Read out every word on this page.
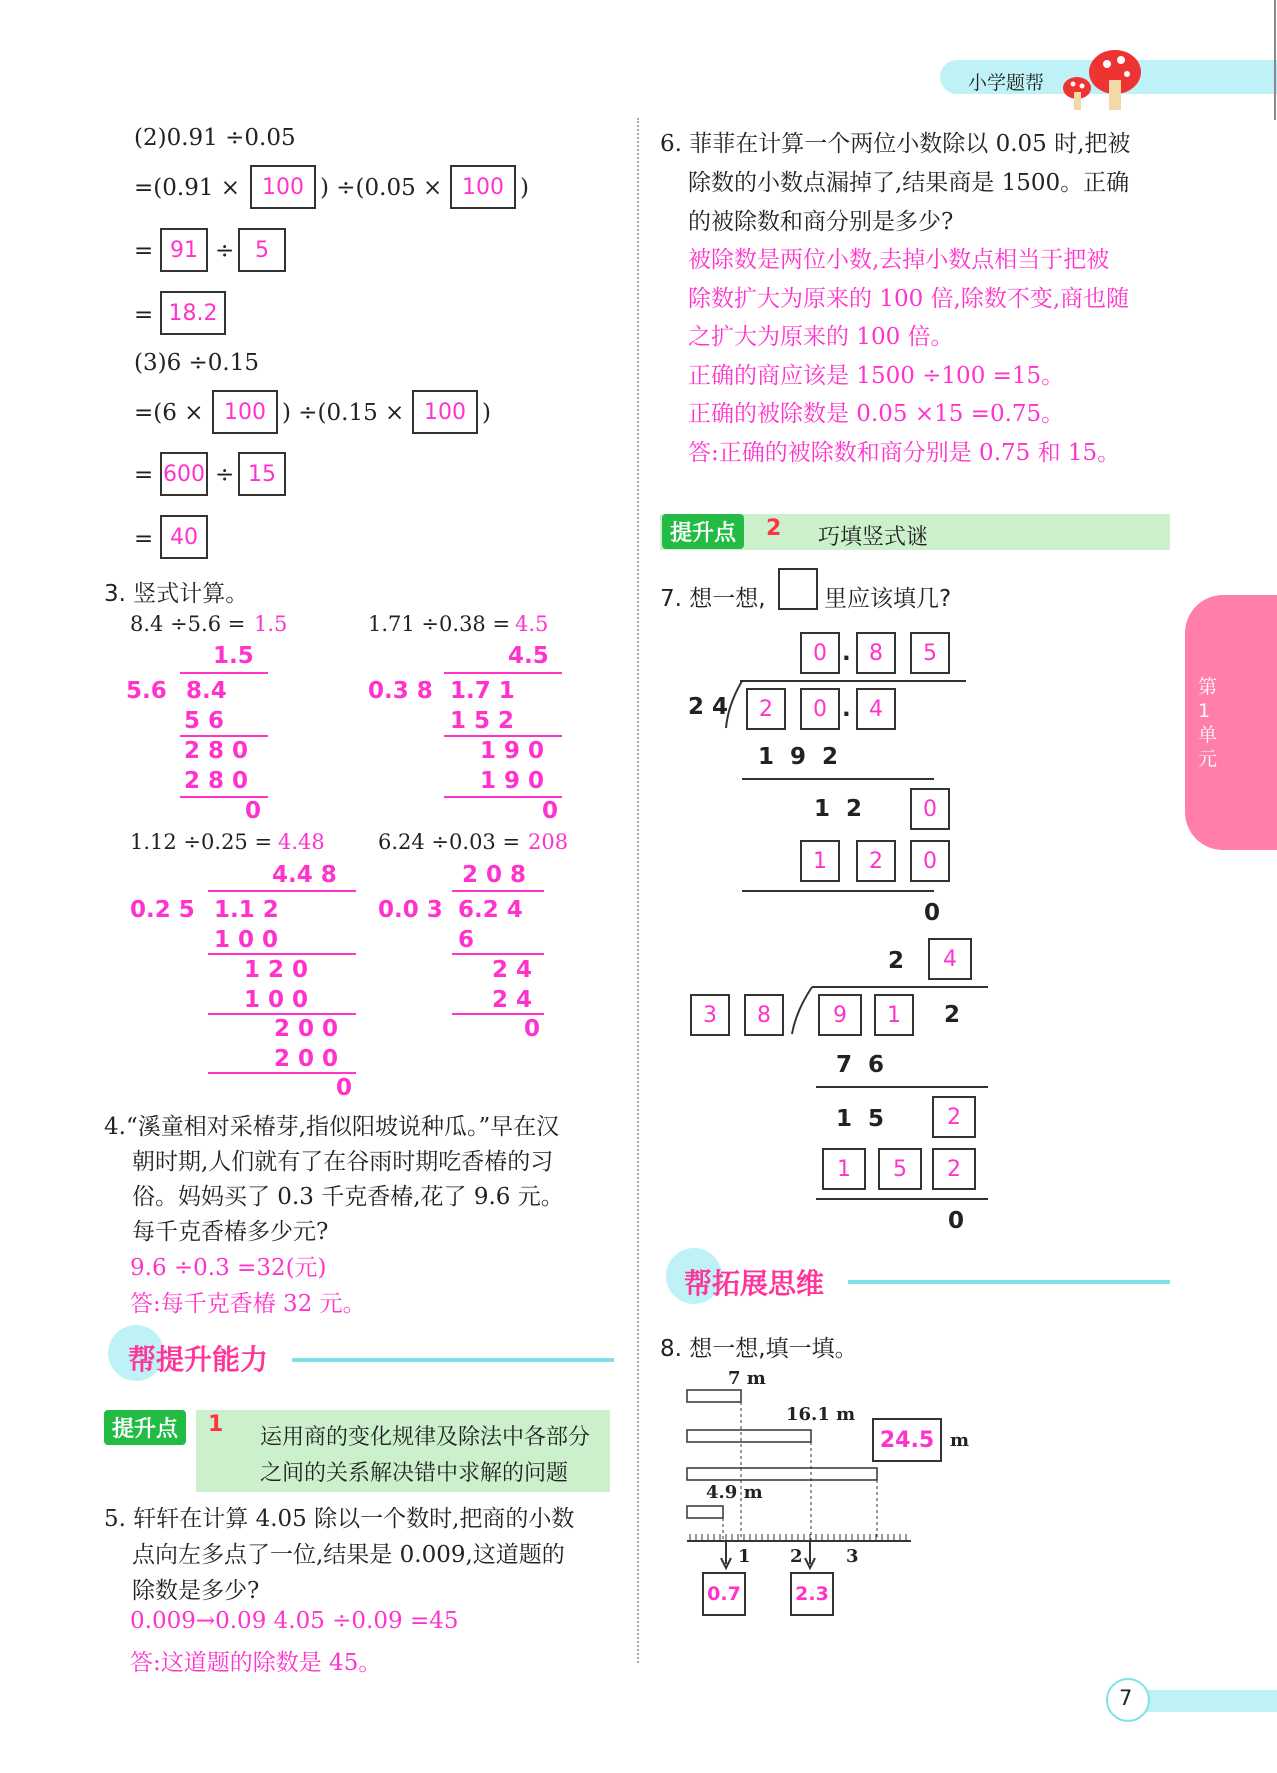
小学题帮
第1单元
(2)0.91 ÷0.05
=(0.91 × 100 ) ÷(0.05 × 100 )
= 91 ÷ 5
= 18.2
(3)6 ÷0.15
=(6 × 100 ) ÷(0.15 × 100 )
= 600 ÷ 15
= 40
3. 竖式计算。
8.4 ÷5.6 = 1.5	1.71 ÷0.38 = 4.5
1.5
5.6 8.4
5 6
2 8 0
2 8 0
0
4.5
0.3 8 1.7 1
1 5 2
1 9 0
1 9 0
0
1.12 ÷0.25 = 4.48	6.24 ÷0.03 = 208
4.4 8
0.2 5 1.1 2
1 0 0
1 2 0
1 0 0
2 0 0
2 0 0
0
2 0 8
0.0 3 6.2 4
6
2 4
2 4
0
4.“溪童相对采椿芽,指似阳坡说种瓜。”早在汉
朝时期,人们就有了在谷雨时期吃香椿的习
俗。妈妈买了 0.3 千克香椿,花了 9.6 元。
每千克香椿多少元?
9.6 ÷0.3 =32(元)
答:每千克香椿 32 元。
帮提升能力
提升点	1
运用商的变化规律及除法中各部分
之间的关系解决错中求解的问题
5. 轩轩在计算 4.05 除以一个数时,把商的小数
点向左多点了一位,结果是 0.009,这道题的
除数是多少?
0.009→0.09 4.05 ÷0.09 =45
答:这道题的除数是 45。
6. 菲菲在计算一个两位小数除以 0.05 时,把被
除数的小数点漏掉了,结果商是 1500。正确
的被除数和商分别是多少?
被除数是两位小数,去掉小数点相当于把被
除数扩大为原来的 100 倍,除数不变,商也随
之扩大为原来的 100 倍。
正确的商应该是 1500 ÷100 =15。
正确的被除数是 0.05 ×15 =0.75。
答:正确的被除数和商分别是 0.75 和 15。
提升点	2 巧填竖式谜
7. 想一想,	里应该填几?
0 . 8	5
2 4	2	0 . 4
1  9  2
1  2	0
1	2	0
0
2	4
3	8	9	1	2
7  6
1  5	2
1	5	2
0
帮拓展思维
8. 想一想,填一填。
7 m
16.1 m
4.9 m
24.5 m
1 2 3
0.7	2.3
7
